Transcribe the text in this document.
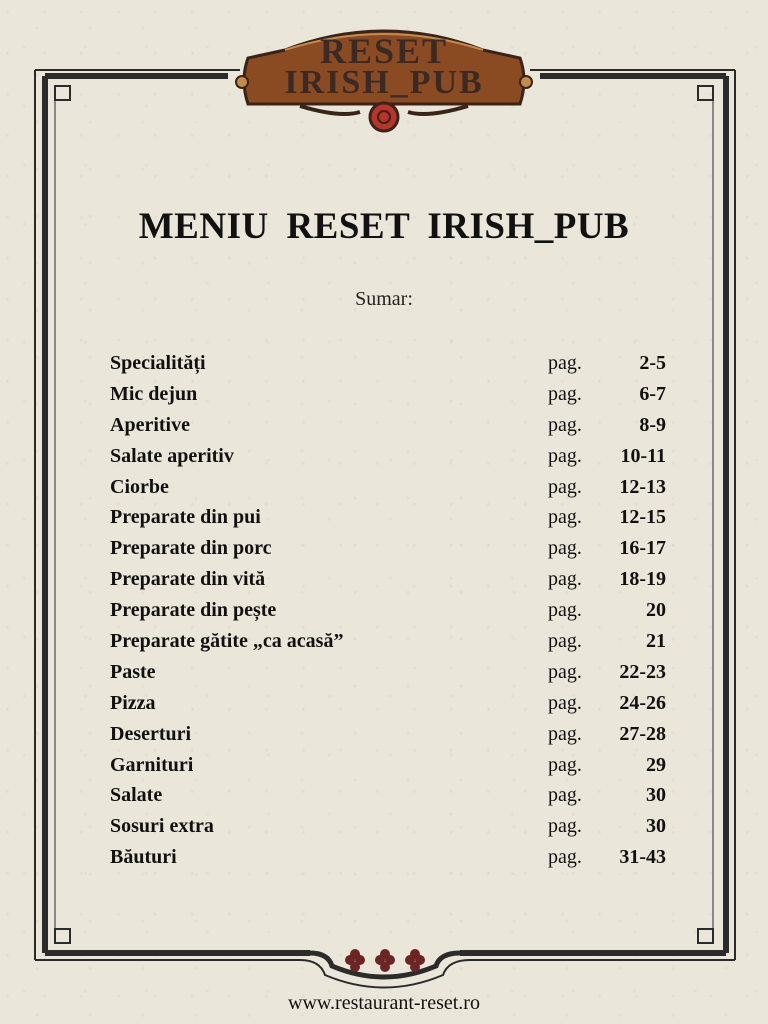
RESET
IRISH_PUB
MENIU RESET IRISH_PUB
Sumar:
Specialități	pag.	2-5
Mic dejun	pag.	6-7
Aperitive	pag.	8-9
Salate aperitiv	pag. 10-11
Ciorbe	pag. 12-13
Preparate din pui	pag. 12-15
Preparate din porc	pag. 16-17
Preparate din vită	pag. 18-19
Preparate din pește	pag.	20
Preparate gătite „ca acasă”	pag.	21
Paste	pag. 22-23
Pizza	pag. 24-26
Deserturi	pag. 27-28
Garnituri	pag.	29
Salate	pag.	30
Sosuri extra	pag.	30
Băuturi	pag. 31-43
www.restaurant-reset.ro
